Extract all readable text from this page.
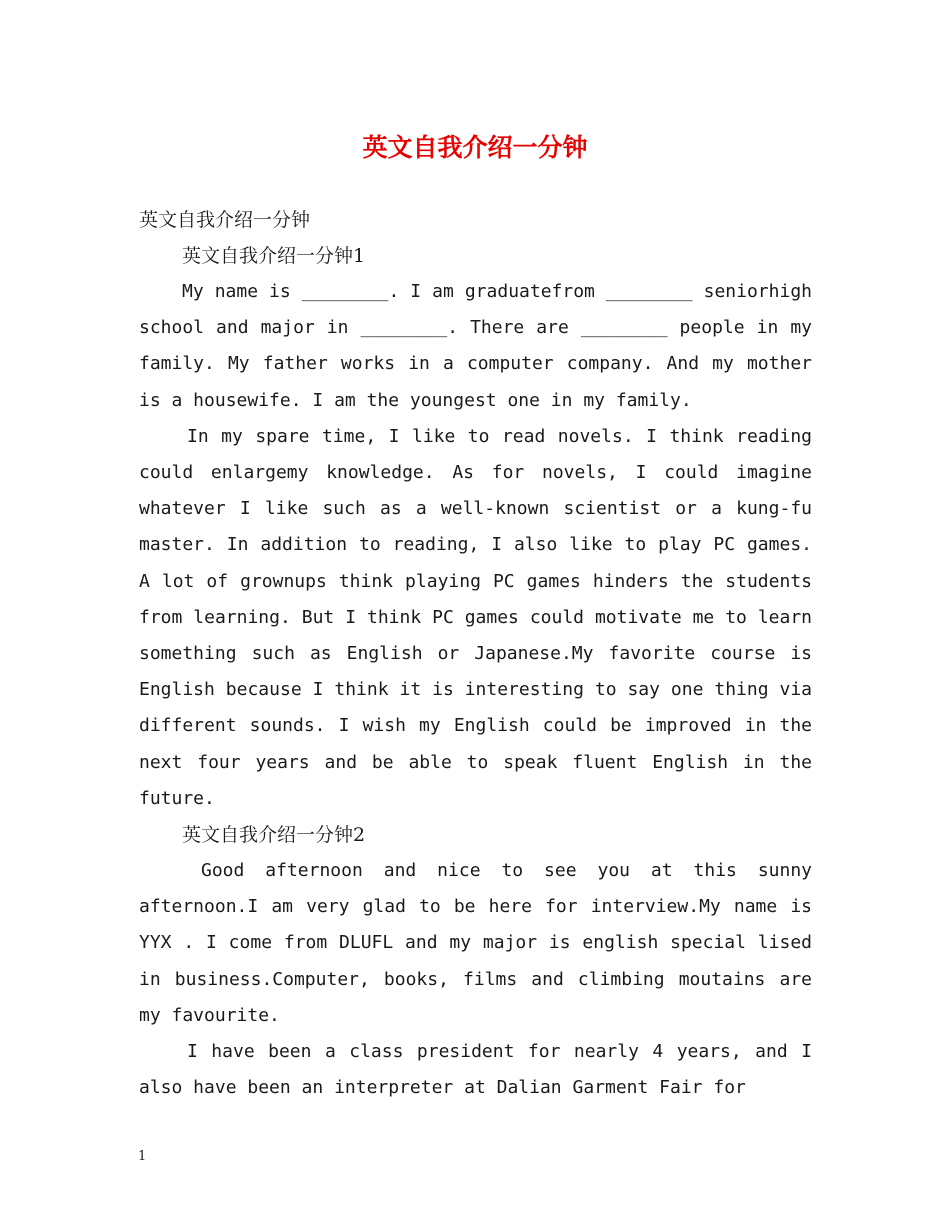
英文自我介绍一分钟
英文自我介绍一分钟
英文自我介绍一分钟1

My name is ________. I am graduatefrom ________ seniorhigh school and major in ________. There are ________ people in my family. My father works in a computer company. And my mother is a housewife. I am the youngest one in my family.

In my spare time, I like to read novels. I think reading could enlargemy knowledge. As for novels, I could imagine whatever I like such as a well-known scientist or a kung-fu master. In addition to reading, I also like to play PC games. A lot of grownups think playing PC games hinders the students from learning. But I think PC games could motivate me to learn something such as English or Japanese.My favorite course is English because I think it is interesting to say one thing via different sounds. I wish my English could be improved in the next four years and be able to speak fluent English in the future.

英文自我介绍一分钟2

Good afternoon and nice to see you at this sunny afternoon.I am very glad to be here for interview.My name is YYX . I come from DLUFL and my major is english special lised in business.Computer, books, films and climbing moutains are my favourite.

I have been a class president for nearly 4 years, and I also have been an interpreter at Dalian Garment Fair for

1
